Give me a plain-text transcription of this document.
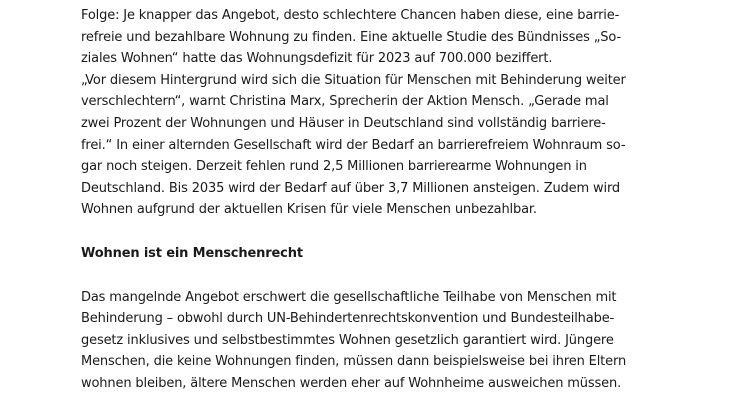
Folge: Je knapper das Angebot, desto schlechtere Chancen haben diese, eine barrie-
refreie und bezahlbare Wohnung zu finden. Eine aktuelle Studie des Bündnisses „So-
ziales Wohnen“ hatte das Wohnungsdefizit für 2023 auf 700.000 beziffert.
„Vor diesem Hintergrund wird sich die Situation für Menschen mit Behinderung weiter
verschlechtern“, warnt Christina Marx, Sprecherin der Aktion Mensch. „Gerade mal
zwei Prozent der Wohnungen und Häuser in Deutschland sind vollständig barriere-
frei.“ In einer alternden Gesellschaft wird der Bedarf an barrierefreiem Wohnraum so-
gar noch steigen. Derzeit fehlen rund 2,5 Millionen barrierearme Wohnungen in
Deutschland. Bis 2035 wird der Bedarf auf über 3,7 Millionen ansteigen. Zudem wird
Wohnen aufgrund der aktuellen Krisen für viele Menschen unbezahlbar.
Wohnen ist ein Menschenrecht
Das mangelnde Angebot erschwert die gesellschaftliche Teilhabe von Menschen mit
Behinderung – obwohl durch UN-Behindertenrechtskonvention und Bundesteilhabe-
gesetz inklusives und selbstbestimmtes Wohnen gesetzlich garantiert wird. Jüngere
Menschen, die keine Wohnungen finden, müssen dann beispielsweise bei ihren Eltern
wohnen bleiben, ältere Menschen werden eher auf Wohnheime ausweichen müssen.
